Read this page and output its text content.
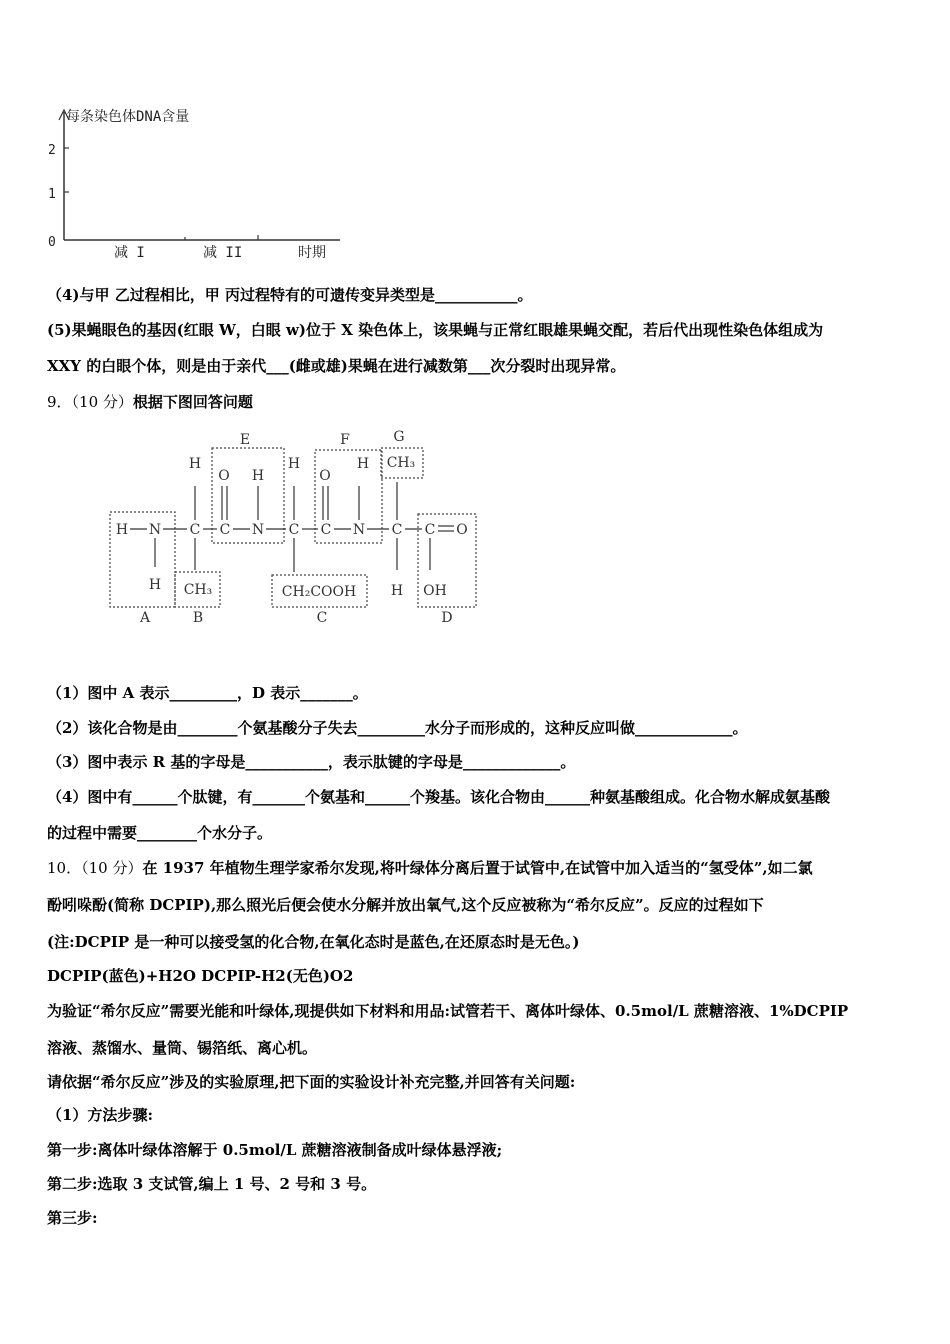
每条染色体DNA含量
2
1
0
减 I	减 II	时期
（4)与甲 乙过程相比，甲 丙过程特有的可遗传变异类型是___________。
(5)果蝇眼色的基因(红眼 W，白眼 w)位于 X 染色体上，该果蝇与正常红眼雄果蝇交配，若后代出现性染色体组成为
XXY 的白眼个体，则是由于亲代___(雌或雄)果蝇在进行减数第___次分裂时出现异常。
9．（10 分）根据下图回答问题
A	B	C	D
E	F	G
H N C C N C C N C C O
H
H
CH₃
O H
H
CH₂COOH
O
H CH₃
H OH
（1）图中 A 表示_________，D 表示_______。
（2）该化合物是由________个氨基酸分子失去_________水分子而形成的，这种反应叫做_____________。
（3）图中表示 R 基的字母是___________，表示肽键的字母是_____________。
（4）图中有______个肽键，有_______个氨基和______个羧基。该化合物由______种氨基酸组成。化合物水解成氨基酸
的过程中需要________个水分子。
10．（10 分）在 1937 年植物生理学家希尔发现,将叶绿体分离后置于试管中,在试管中加入适当的“氢受体”,如二氯
酚吲哚酚(简称 DCPIP),那么照光后便会使水分解并放出氧气,这个反应被称为“希尔反应”。反应的过程如下
(注:DCPIP 是一种可以接受氢的化合物,在氧化态时是蓝色,在还原态时是无色。)
DCPIP(蓝色)+H2O DCPIP-H2(无色)O2
为验证“希尔反应”需要光能和叶绿体,现提供如下材料和用品:试管若干、离体叶绿体、0.5mol/L 蔗糖溶液、1%DCPIP
溶液、蒸馏水、量筒、锡箔纸、离心机。
请依据“希尔反应”涉及的实验原理,把下面的实验设计补充完整,并回答有关问题:
（1）方法步骤:
第一步:离体叶绿体溶解于 0.5mol/L 蔗糖溶液制备成叶绿体悬浮液;
第二步:选取 3 支试管,编上 1 号、2 号和 3 号。
第三步:
